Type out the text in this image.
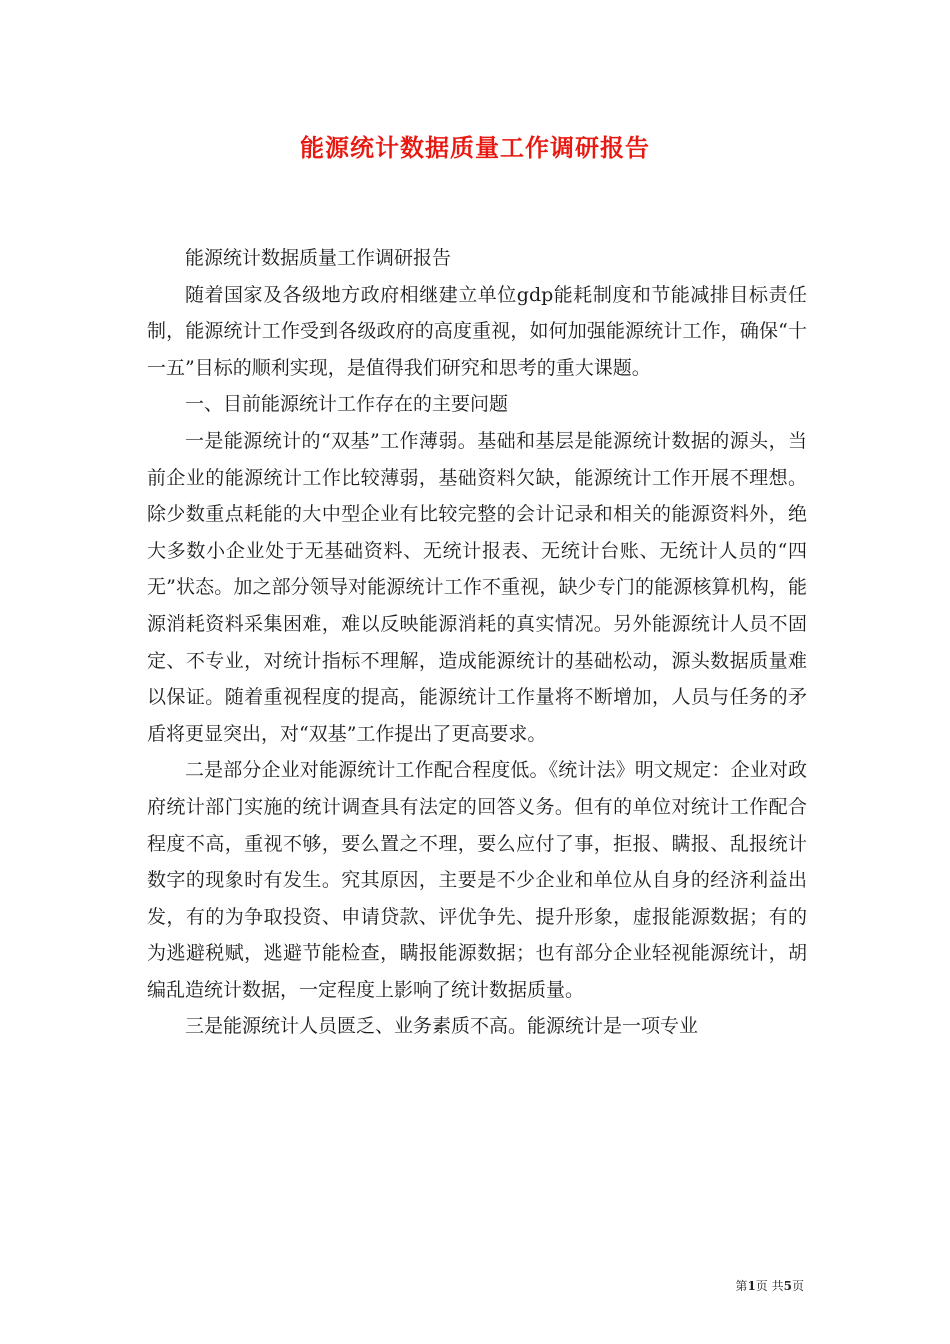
能源统计数据质量工作调研报告

能源统计数据质量工作调研报告

随着国家及各级地方政府相继建立单位gdp能耗制度和节能减排目标责任制，能源统计工作受到各级政府的高度重视，如何加强能源统计工作，确保“十一五”目标的顺利实现，是值得我们研究和思考的重大课题。

一、目前能源统计工作存在的主要问题

一是能源统计的“双基”工作薄弱。基础和基层是能源统计数据的源头，当前企业的能源统计工作比较薄弱，基础资料欠缺，能源统计工作开展不理想。除少数重点耗能的大中型企业有比较完整的会计记录和相关的能源资料外，绝大多数小企业处于无基础资料、无统计报表、无统计台账、无统计人员的“四无”状态。加之部分领导对能源统计工作不重视，缺少专门的能源核算机构，能源消耗资料采集困难，难以反映能源消耗的真实情况。另外能源统计人员不固定、不专业，对统计指标不理解，造成能源统计的基础松动，源头数据质量难以保证。随着重视程度的提高，能源统计工作量将不断增加，人员与任务的矛盾将更显突出，对“双基”工作提出了更高要求。

二是部分企业对能源统计工作配合程度低。《统计法》明文规定：企业对政府统计部门实施的统计调查具有法定的回答义务。但有的单位对统计工作配合程度不高，重视不够，要么置之不理，要么应付了事，拒报、瞒报、乱报统计数字的现象时有发生。究其原因，主要是不少企业和单位从自身的经济利益出发，有的为争取投资、申请贷款、评优争先、提升形象，虚报能源数据；有的为逃避税赋，逃避节能检查，瞒报能源数据；也有部分企业轻视能源统计，胡编乱造统计数据，一定程度上影响了统计数据质量。

三是能源统计人员匮乏、业务素质不高。能源统计是一项专业

第1页 共5页
